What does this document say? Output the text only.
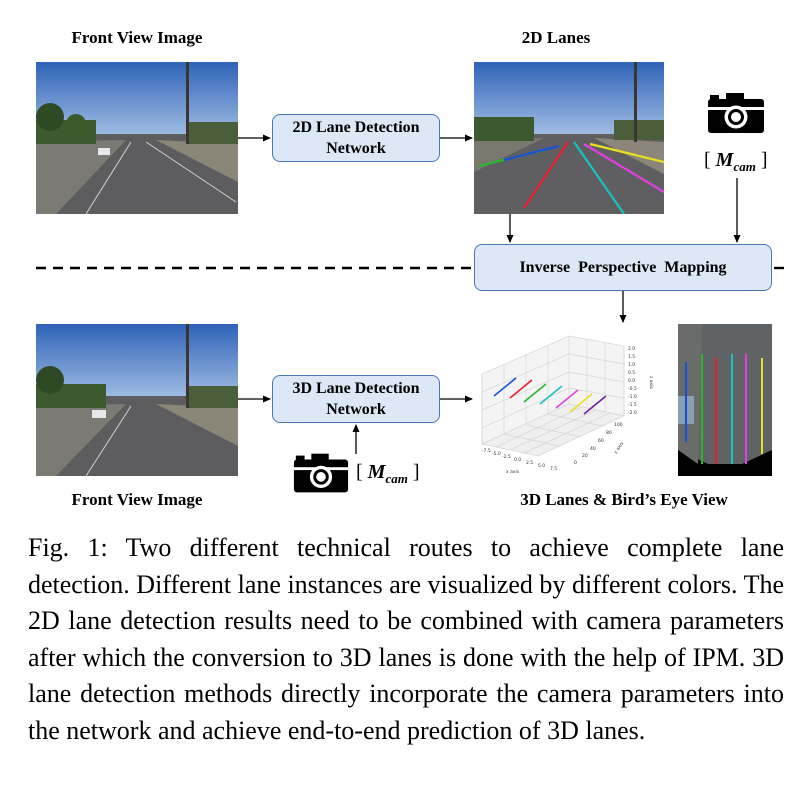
Front View Image	2D Lanes
Front View Image	3D Lanes & Bird’s Eye View
2D Lane Detection
Network
Inverse  Perspective  Mapping
3D Lane Detection
Network
[ $M_{cam}$ ]
[ $M_{cam}$ ]
2.0
1.5
1.0
0.5
0.0
-0.5
-1.0
-1.5
-2.0
z axis
-7.5
-5.0
-2.5
0.0
2.5
5.0
7.5
x axis
0
20
40
60
80
100
y axis
Fig. 1: Two different technical routes to achieve complete lane detection. Different lane instances are visualized by different colors. The 2D lane detection results need to be combined with camera parameters after which the conversion to 3D lanes is done with the help of IPM. 3D lane detection methods directly incorporate the camera parameters into the network and achieve end-to-end prediction of 3D lanes.
